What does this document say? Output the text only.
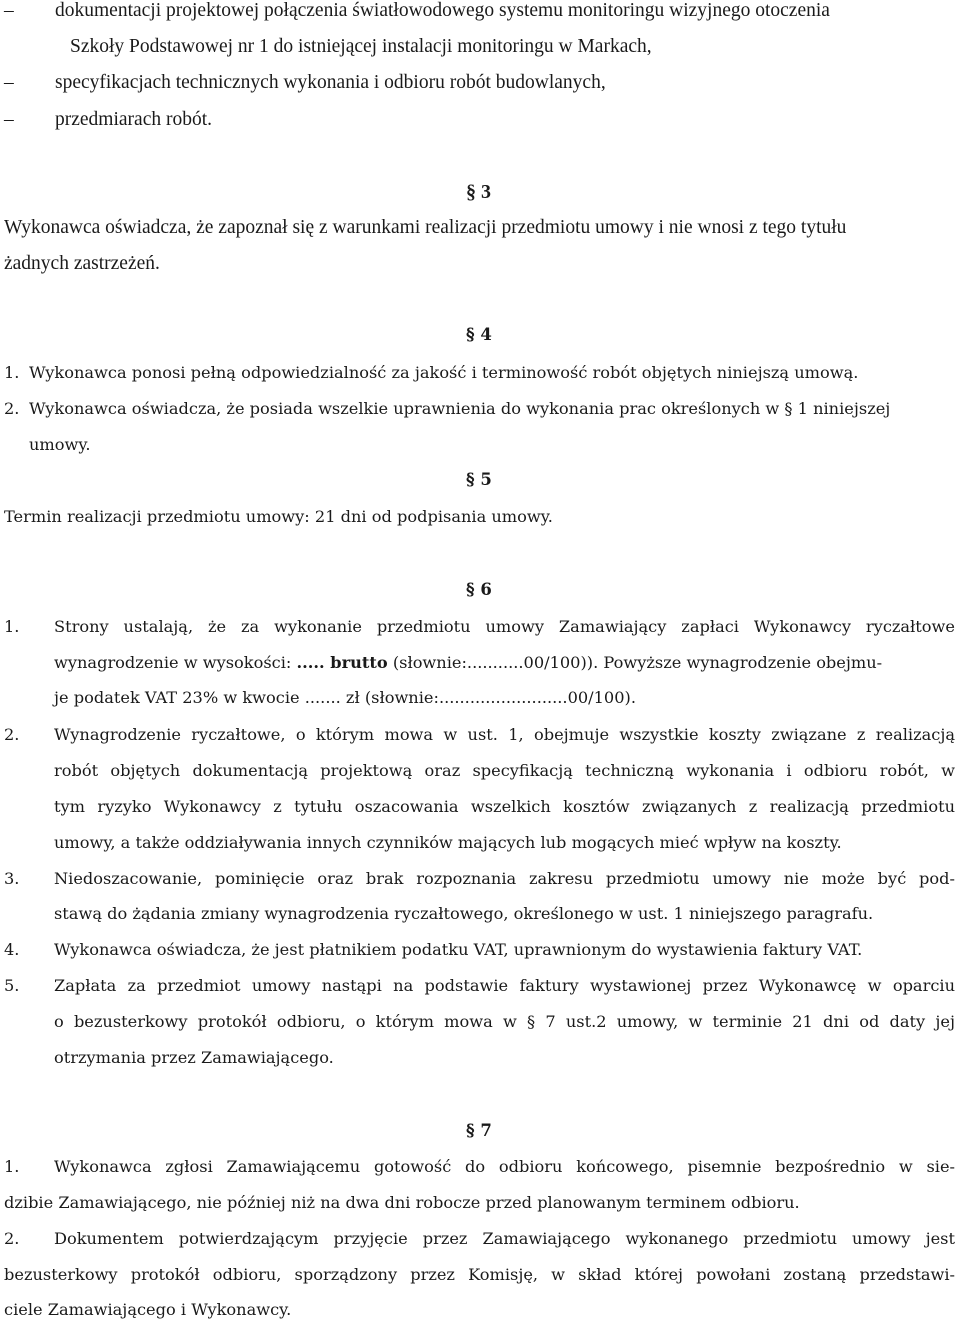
–	dokumentacji projektowej połączenia światłowodowego systemu monitoringu wizyjnego otoczenia
Szkoły Podstawowej nr 1 do istniejącej instalacji monitoringu w Markach,
–	specyfikacjach technicznych wykonania i odbioru robót budowlanych,
–	przedmiarach robót.
§ 3
Wykonawca oświadcza, że zapoznał się z warunkami realizacji przedmiotu umowy i nie wnosi z tego tytułu
żadnych zastrzeżeń.
§ 4
1. Wykonawca ponosi pełną odpowiedzialność za jakość i terminowość robót objętych niniejszą umową.
2. Wykonawca oświadcza, że posiada wszelkie uprawnienia do wykonania prac określonych w § 1 niniejszej
umowy.
§ 5
Termin realizacji przedmiotu umowy: 21 dni od podpisania umowy.
§ 6
1. Strony ustalają, że za wykonanie przedmiotu umowy Zamawiający zapłaci Wykonawcy ryczałtowe
wynagrodzenie w wysokości: ..... brutto (słownie:...........00/100)). Powyższe wynagrodzenie obejmu-
je podatek VAT 23% w kwocie ....... zł (słownie:.........................00/100).
2. Wynagrodzenie ryczałtowe, o którym mowa w ust. 1, obejmuje wszystkie koszty związane z realizacją
robót objętych dokumentacją projektową oraz specyfikacją techniczną wykonania i odbioru robót, w
tym ryzyko Wykonawcy z tytułu oszacowania wszelkich kosztów związanych z realizacją przedmiotu
umowy, a także oddziaływania innych czynników mających lub mogących mieć wpływ na koszty.
3. Niedoszacowanie, pominięcie oraz brak rozpoznania zakresu przedmiotu umowy nie może być pod-
stawą do żądania zmiany wynagrodzenia ryczałtowego, określonego w ust. 1 niniejszego paragrafu.
4. Wykonawca oświadcza, że jest płatnikiem podatku VAT, uprawnionym do wystawienia faktury VAT.
5. Zapłata za przedmiot umowy nastąpi na podstawie faktury wystawionej przez Wykonawcę w oparciu
o bezusterkowy protokół odbioru, o którym mowa w § 7 ust.2 umowy, w terminie 21 dni od daty jej
otrzymania przez Zamawiającego.
§ 7
1. Wykonawca zgłosi Zamawiającemu gotowość do odbioru końcowego, pisemnie bezpośrednio w sie-
dzibie Zamawiającego, nie później niż na dwa dni robocze przed planowanym terminem odbioru.
2. Dokumentem potwierdzającym przyjęcie przez Zamawiającego wykonanego przedmiotu umowy jest
bezusterkowy protokół odbioru, sporządzony przez Komisję, w skład której powołani zostaną przedstawi-
ciele Zamawiającego i Wykonawcy.
